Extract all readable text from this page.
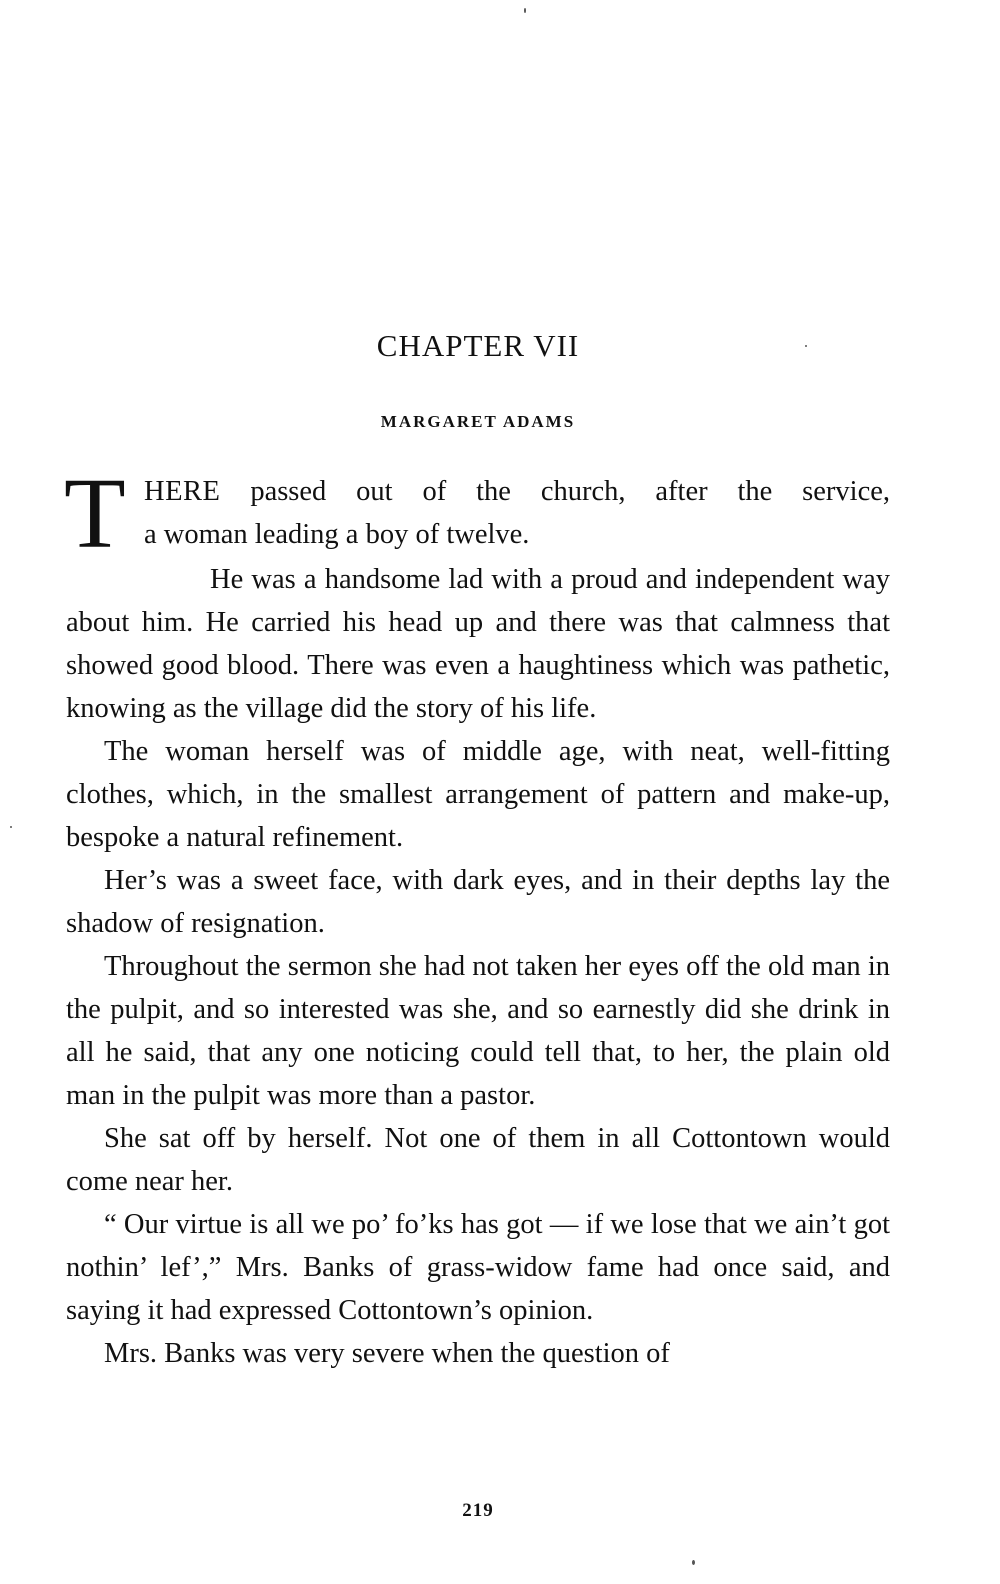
CHAPTER VII
MARGARET ADAMS
T HERE passed out of the church, after the service,
a woman leading a boy of twelve.

He was a handsome lad with a proud and independent way about him. He carried his head up and there was that calmness that showed good blood. There was even a haughtiness which was pathetic, knowing as the village did the story of his life.

The woman herself was of middle age, with neat, well-fitting clothes, which, in the smallest arrangement of pattern and make-up, bespoke a natural refinement.

Her’s was a sweet face, with dark eyes, and in their depths lay the shadow of resignation.

Throughout the sermon she had not taken her eyes off the old man in the pulpit, and so interested was she, and so earnestly did she drink in all he said, that any one noticing could tell that, to her, the plain old man in the pulpit was more than a pastor.

She sat off by herself. Not one of them in all Cottontown would come near her.

“ Our virtue is all we po’ fo’ks has got — if we lose that we ain’t got nothin’ lef’,” Mrs. Banks of grass-widow fame had once said, and saying it had expressed Cottontown’s opinion.

Mrs. Banks was very severe when the question of

219
